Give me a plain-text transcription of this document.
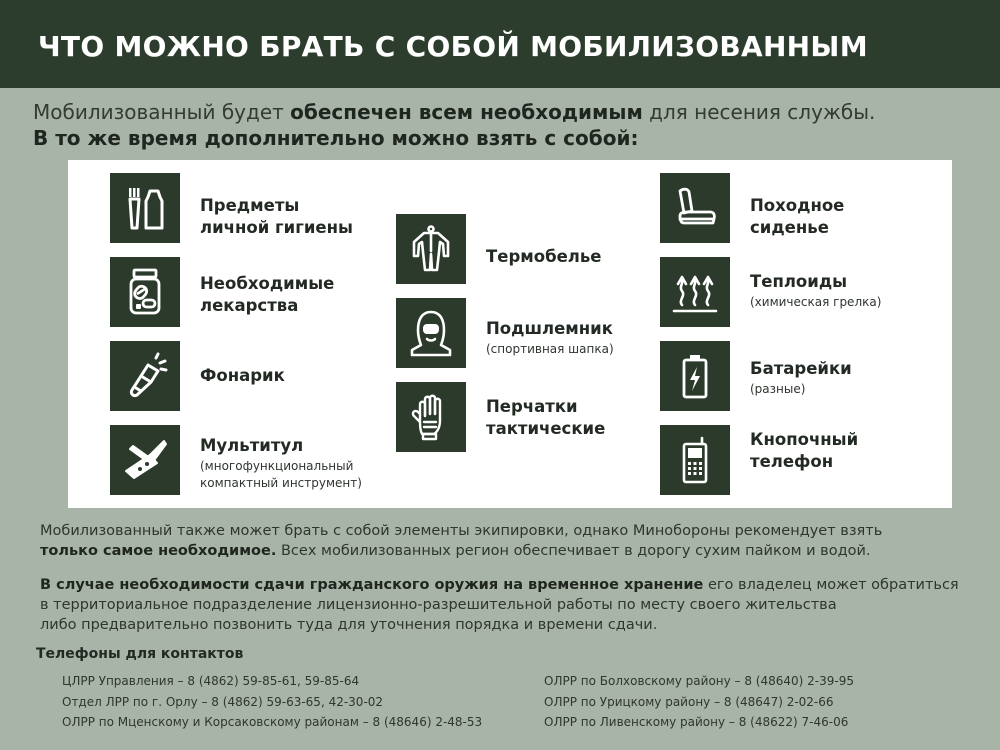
ЧТО МОЖНО БРАТЬ С СОБОЙ МОБИЛИЗОВАННЫМ
Мобилизованный будет обеспечен всем необходимым для несения службы.
В то же время дополнительно можно взять с собой:
Предметы
личной гигиены
Необходимые
лекарства
Фонарик
Мультитул
(многофункциональный
компактный инструмент)
Термобелье
Подшлемник
(спортивная шапка)
Перчатки
тактические
Походное
сиденье
Теплоиды
(химическая грелка)
Батарейки
(разные)
Кнопочный
телефон
Мобилизованный также может брать с собой элементы экипировки, однако Минобороны рекомендует взять
только самое необходимое. Всех мобилизованных регион обеспечивает в дорогу сухим пайком и водой.
В случае необходимости сдачи гражданского оружия на временное хранение его владелец может обратиться
в территориальное подразделение лицензионно-разрешительной работы по месту своего жительства
либо предварительно позвонить туда для уточнения порядка и времени сдачи.
Телефоны для контактов
ЦЛРР Управления – 8 (4862) 59-85-61, 59-85-64
Отдел ЛРР по г. Орлу – 8 (4862) 59-63-65, 42-30-02
ОЛРР по Мценскому и Корсаковскому районам – 8 (48646) 2-48-53
ОЛРР по Болховскому району – 8 (48640) 2-39-95
ОЛРР по Урицкому району – 8 (48647) 2-02-66
ОЛРР по Ливенскому району – 8 (48622) 7-46-06
